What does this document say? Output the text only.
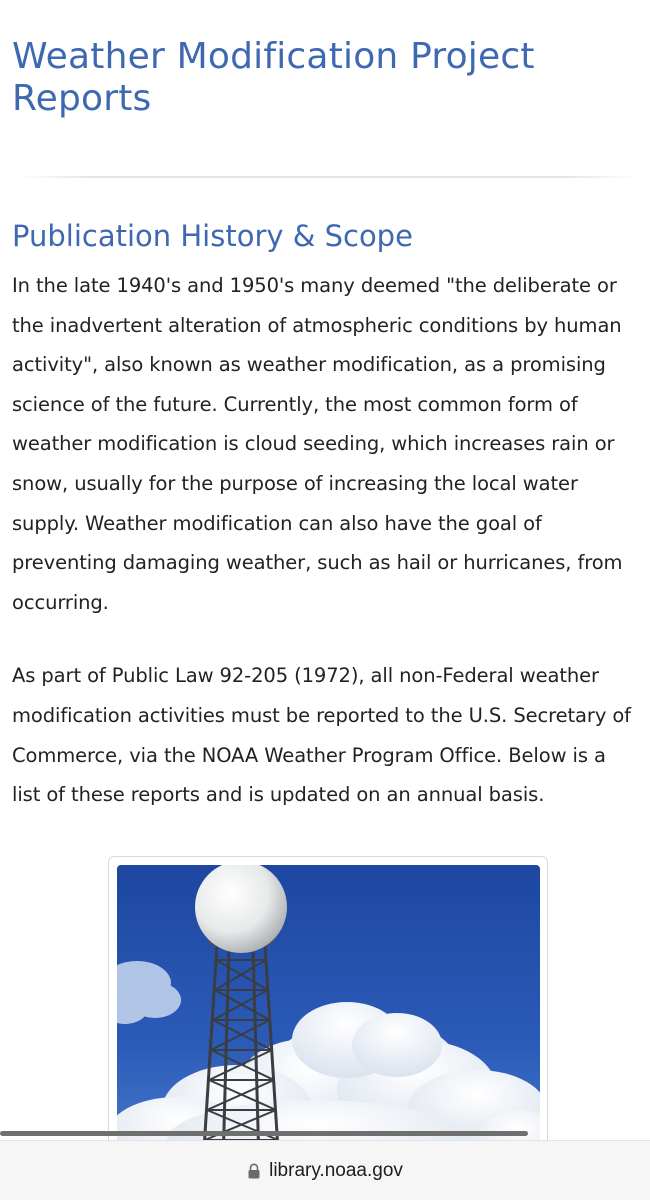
Weather Modification Project Reports
Publication History & Scope

In the late 1940's and 1950's many deemed "the deliberate or the inadvertent alteration of atmospheric conditions by human activity", also known as weather modification, as a promising science of the future. Currently, the most common form of weather modification is cloud seeding, which increases rain or snow, usually for the purpose of increasing the local water supply. Weather modification can also have the goal of preventing damaging weather, such as hail or hurricanes, from occurring.

As part of Public Law 92-205 (1972), all non-Federal weather modification activities must be reported to the U.S. Secretary of Commerce, via the NOAA Weather Program Office. Below is a list of these reports and is updated on an annual basis.

library.noaa.gov
